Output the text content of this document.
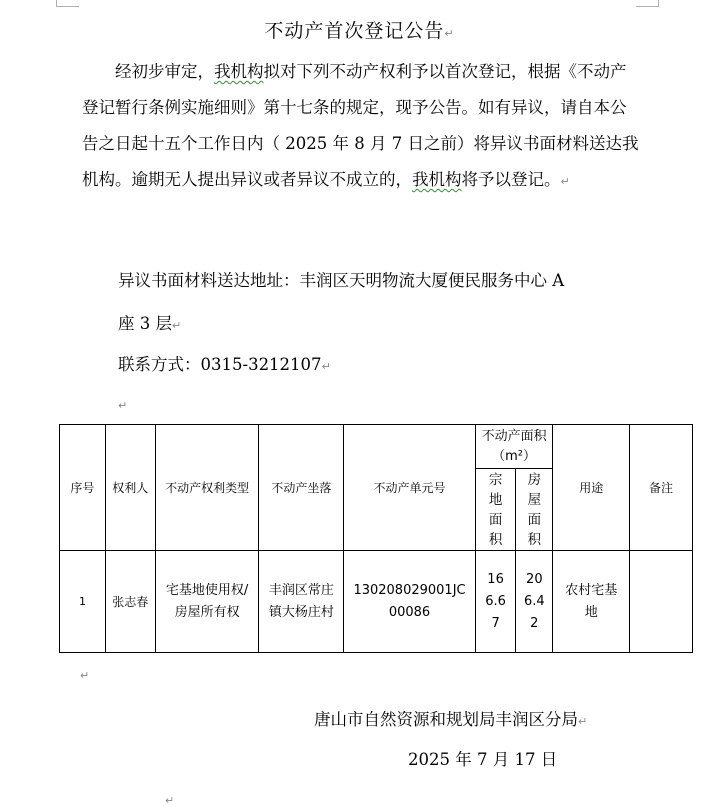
不动产首次登记公告↵
经初步审定，我机构拟对下列不动产权利予以首次登记，根据《不动产登记暂行条例实施细则》第十七条的规定，现予公告。如有异议，请自本公告之日起十五个工作日内（ 2025 年 8 月 7 日之前）将异议书面材料送达我机构。逾期无人提出异议或者异议不成立的，我机构将予以登记。↵
异议书面材料送达地址：丰润区天明物流大厦便民服务中心 A
座 3 层↵
联系方式：0315-3212107↵
↵
序号	权利人	不动产权利类型	不动产坐落	不动产单元号	不动产面积（m²）		用途	备注
					宗地面积	房屋面积		
1	张志春	宅基地使用权/房屋所有权	丰润区常庄镇大杨庄村	130208029001JC00086	166.67	206.42	农村宅基地	
↵
唐山市自然资源和规划局丰润区分局↵
2025 年 7 月 17 日
↵
